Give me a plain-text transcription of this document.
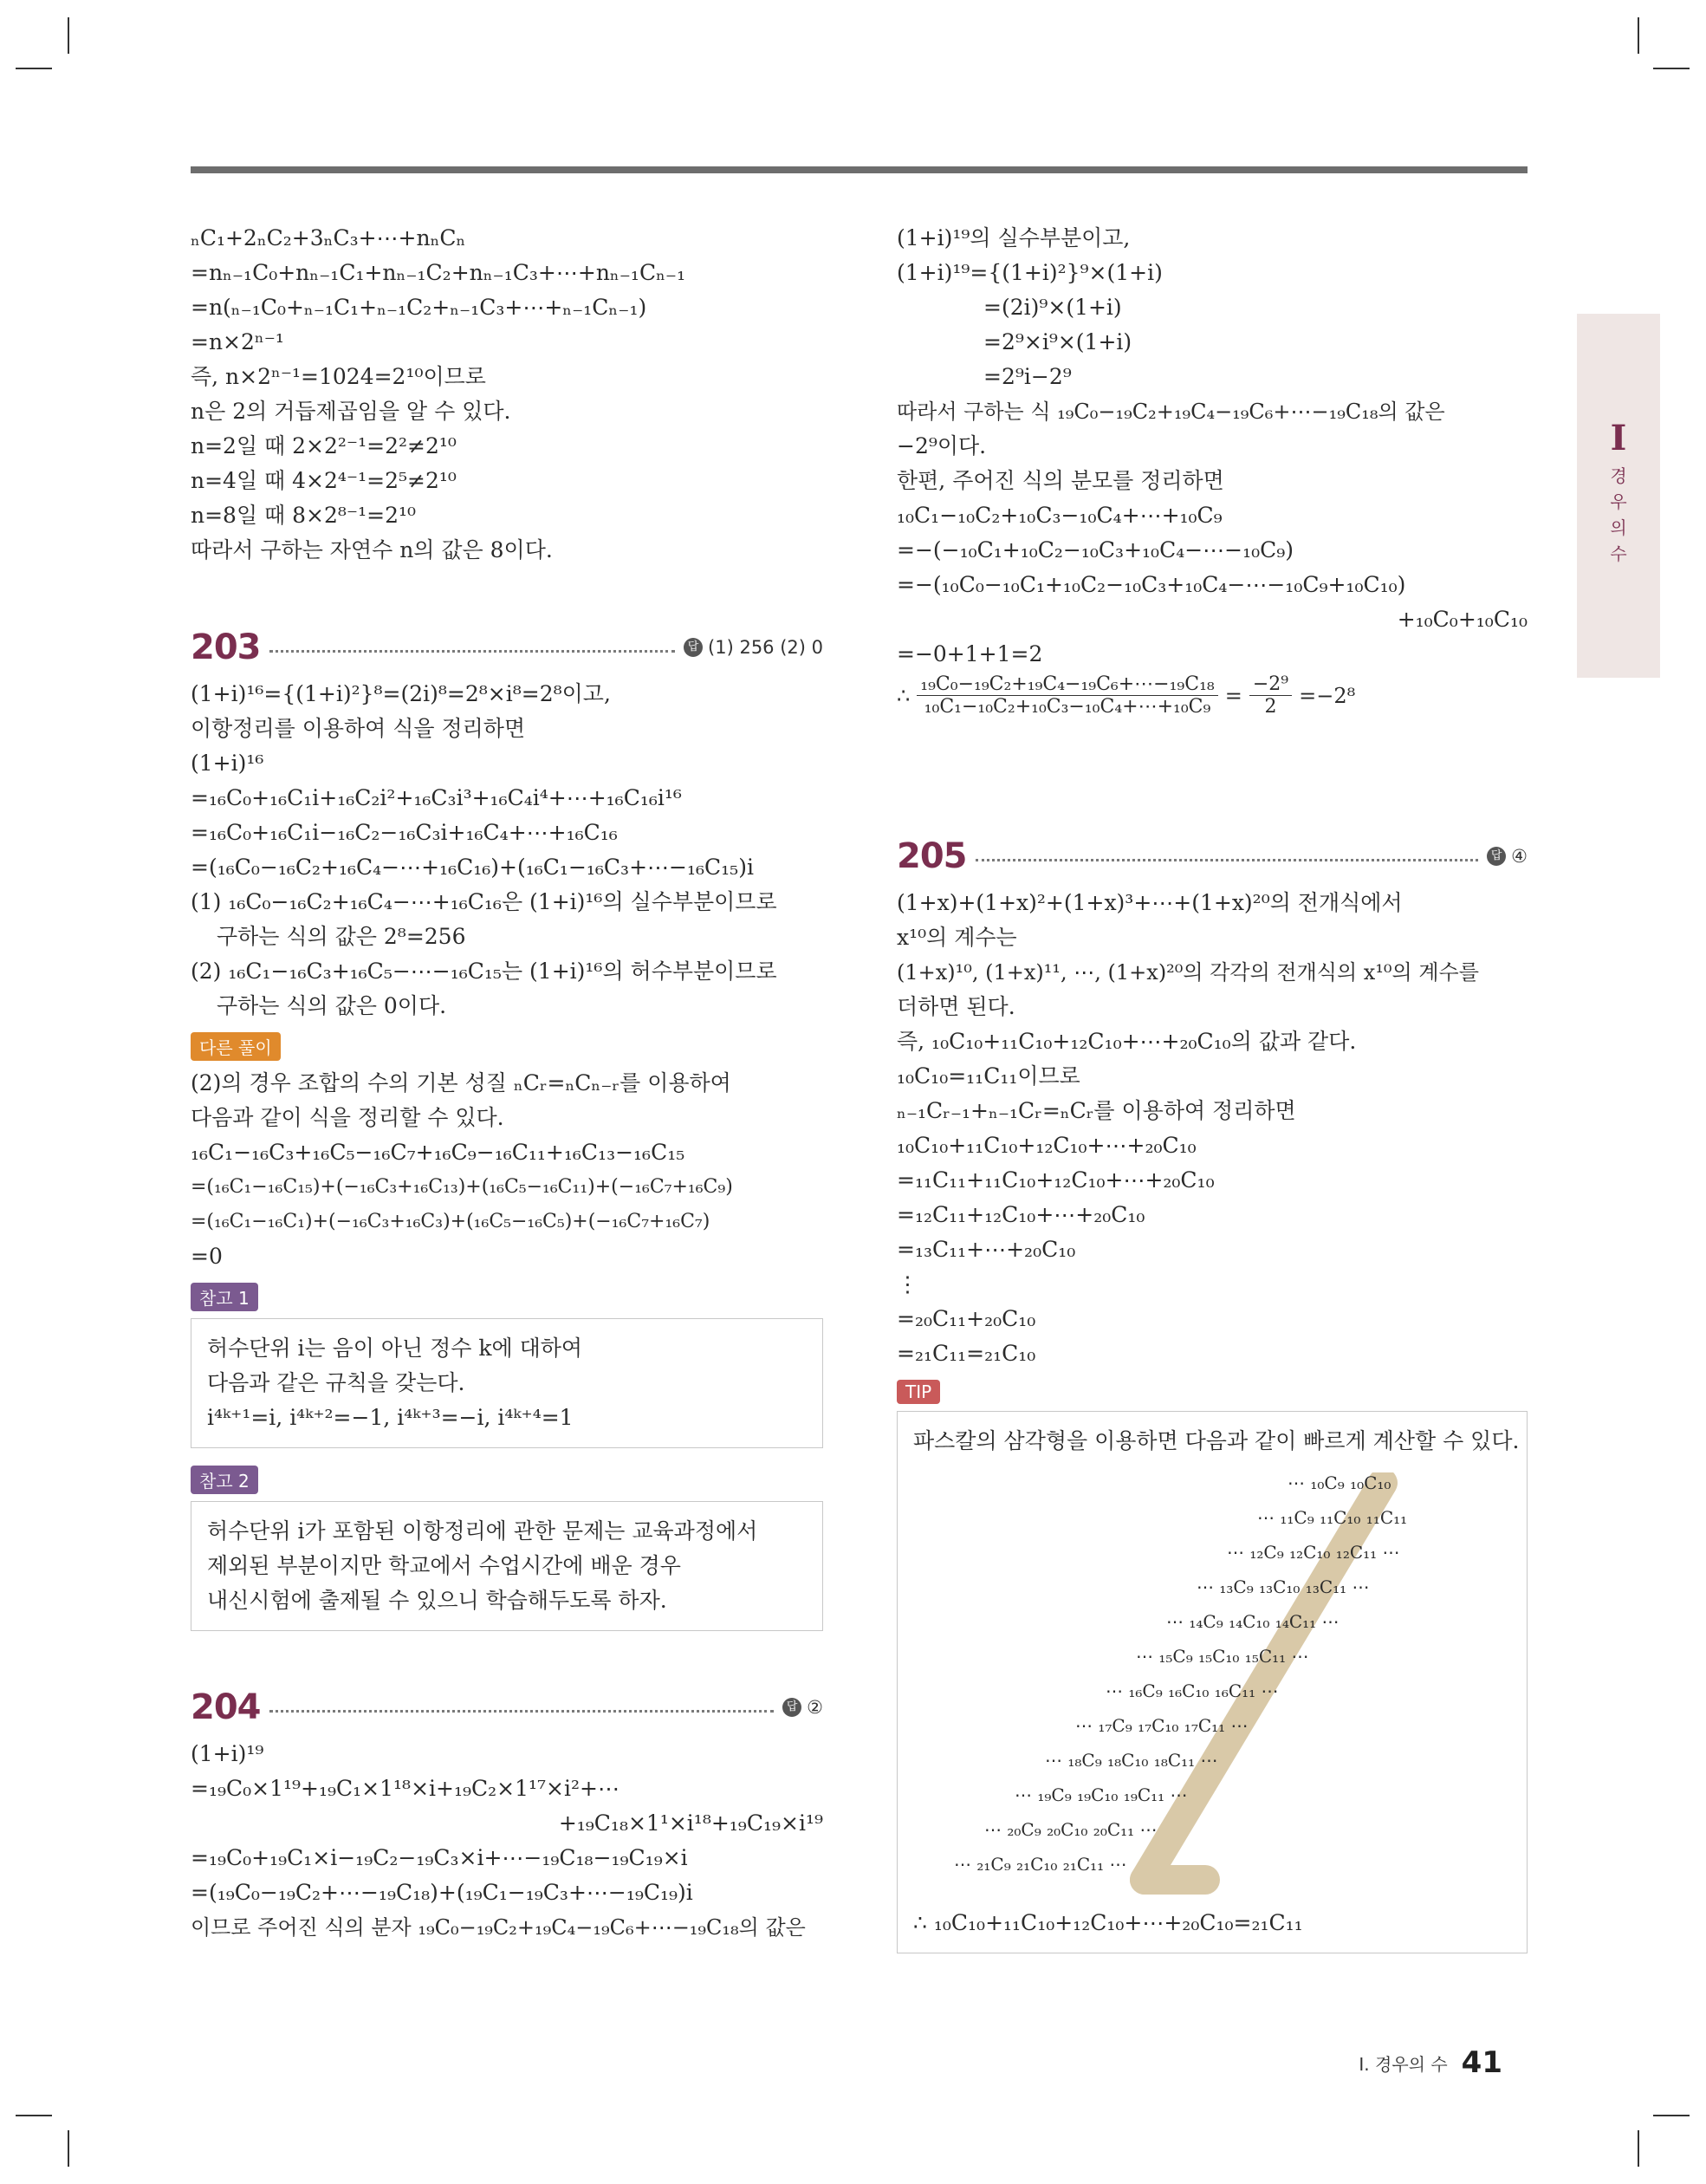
ₙC₁+2ₙC₂+3ₙC₃+⋯+nₙCₙ
=nₙ₋₁C₀+nₙ₋₁C₁+nₙ₋₁C₂+nₙ₋₁C₃+⋯+nₙ₋₁Cₙ₋₁
=n(ₙ₋₁C₀+ₙ₋₁C₁+ₙ₋₁C₂+ₙ₋₁C₃+⋯+ₙ₋₁Cₙ₋₁)
=n×2ⁿ⁻¹
즉, n×2ⁿ⁻¹=1024=2¹⁰이므로
n은 2의 거듭제곱임을 알 수 있다.
n=2일 때 2×2²⁻¹=2²≠2¹⁰
n=4일 때 4×2⁴⁻¹=2⁵≠2¹⁰
n=8일 때 8×2⁸⁻¹=2¹⁰
따라서 구하는 자연수 n의 값은 8이다.
203	답 (1) 256 (2) 0
(1+i)¹⁶={(1+i)²}⁸=(2i)⁸=2⁸×i⁸=2⁸이고,
이항정리를 이용하여 식을 정리하면
(1+i)¹⁶
=₁₆C₀+₁₆C₁i+₁₆C₂i²+₁₆C₃i³+₁₆C₄i⁴+⋯+₁₆C₁₆i¹⁶
=₁₆C₀+₁₆C₁i−₁₆C₂−₁₆C₃i+₁₆C₄+⋯+₁₆C₁₆
=(₁₆C₀−₁₆C₂+₁₆C₄−⋯+₁₆C₁₆)+(₁₆C₁−₁₆C₃+⋯−₁₆C₁₅)i
(1) ₁₆C₀−₁₆C₂+₁₆C₄−⋯+₁₆C₁₆은 (1+i)¹⁶의 실수부분이므로
구하는 식의 값은 2⁸=256
(2) ₁₆C₁−₁₆C₃+₁₆C₅−⋯−₁₆C₁₅는 (1+i)¹⁶의 허수부분이므로
구하는 식의 값은 0이다.
다른 풀이
(2)의 경우 조합의 수의 기본 성질 ₙCᵣ=ₙCₙ₋ᵣ를 이용하여
다음과 같이 식을 정리할 수 있다.
₁₆C₁−₁₆C₃+₁₆C₅−₁₆C₇+₁₆C₉−₁₆C₁₁+₁₆C₁₃−₁₆C₁₅
=(₁₆C₁−₁₆C₁₅)+(−₁₆C₃+₁₆C₁₃)+(₁₆C₅−₁₆C₁₁)+(−₁₆C₇+₁₆C₉)
=(₁₆C₁−₁₆C₁)+(−₁₆C₃+₁₆C₃)+(₁₆C₅−₁₆C₅)+(−₁₆C₇+₁₆C₇)
=0
참고 1
허수단위 i는 음이 아닌 정수 k에 대하여
다음과 같은 규칙을 갖는다.
i⁴ᵏ⁺¹=i, i⁴ᵏ⁺²=−1, i⁴ᵏ⁺³=−i, i⁴ᵏ⁺⁴=1
참고 2
허수단위 i가 포함된 이항정리에 관한 문제는 교육과정에서
제외된 부분이지만 학교에서 수업시간에 배운 경우
내신시험에 출제될 수 있으니 학습해두도록 하자.
204	답 ②
(1+i)¹⁹
=₁₉C₀×1¹⁹+₁₉C₁×1¹⁸×i+₁₉C₂×1¹⁷×i²+⋯
+₁₉C₁₈×1¹×i¹⁸+₁₉C₁₉×i¹⁹
=₁₉C₀+₁₉C₁×i−₁₉C₂−₁₉C₃×i+⋯−₁₉C₁₈−₁₉C₁₉×i
=(₁₉C₀−₁₉C₂+⋯−₁₉C₁₈)+(₁₉C₁−₁₉C₃+⋯−₁₉C₁₉)i
이므로 주어진 식의 분자 ₁₉C₀−₁₉C₂+₁₉C₄−₁₉C₆+⋯−₁₉C₁₈의 값은
(1+i)¹⁹의 실수부분이고,
(1+i)¹⁹={(1+i)²}⁹×(1+i)
=(2i)⁹×(1+i)
=2⁹×i⁹×(1+i)
=2⁹i−2⁹
따라서 구하는 식 ₁₉C₀−₁₉C₂+₁₉C₄−₁₉C₆+⋯−₁₉C₁₈의 값은
−2⁹이다.
한편, 주어진 식의 분모를 정리하면
₁₀C₁−₁₀C₂+₁₀C₃−₁₀C₄+⋯+₁₀C₉
=−(−₁₀C₁+₁₀C₂−₁₀C₃+₁₀C₄−⋯−₁₀C₉)
=−(₁₀C₀−₁₀C₁+₁₀C₂−₁₀C₃+₁₀C₄−⋯−₁₀C₉+₁₀C₁₀)
+₁₀C₀+₁₀C₁₀
=−0+1+1=2
∴ $\frac{\text{₁₉C₀−₁₉C₂+₁₉C₄−₁₉C₆+⋯−₁₉C₁₈}}{\text{₁₀C₁−₁₀C₂+₁₀C₃−₁₀C₄+⋯+₁₀C₉}} = \frac{\text{−2⁹}}{2} =-2^8$
205	답 ④
(1+x)+(1+x)²+(1+x)³+⋯+(1+x)²⁰의 전개식에서
x¹⁰의 계수는
(1+x)¹⁰, (1+x)¹¹, ⋯, (1+x)²⁰의 각각의 전개식의 x¹⁰의 계수를
더하면 된다.
즉, ₁₀C₁₀+₁₁C₁₀+₁₂C₁₀+⋯+₂₀C₁₀의 값과 같다.
₁₀C₁₀=₁₁C₁₁이므로
ₙ₋₁Cᵣ₋₁+ₙ₋₁Cᵣ=ₙCᵣ를 이용하여 정리하면
₁₀C₁₀+₁₁C₁₀+₁₂C₁₀+⋯+₂₀C₁₀
=₁₁C₁₁+₁₁C₁₀+₁₂C₁₀+⋯+₂₀C₁₀
=₁₂C₁₁+₁₂C₁₀+⋯+₂₀C₁₀
=₁₃C₁₁+⋯+₂₀C₁₀
⋮
=₂₀C₁₁+₂₀C₁₀
=₂₁C₁₁=₂₁C₁₀
TIP
파스칼의 삼각형을 이용하면 다음과 같이 빠르게 계산할 수 있다.
⋯ ₁₀C₉ ₁₀C₁₀
⋯ ₁₁C₉ ₁₁C₁₀ ₁₁C₁₁
⋯ ₁₂C₉ ₁₂C₁₀ ₁₂C₁₁ ⋯
⋯ ₁₃C₉ ₁₃C₁₀ ₁₃C₁₁ ⋯
⋯ ₁₄C₉ ₁₄C₁₀ ₁₄C₁₁ ⋯
⋯ ₁₅C₉ ₁₅C₁₀ ₁₅C₁₁ ⋯
⋯ ₁₆C₉ ₁₆C₁₀ ₁₆C₁₁ ⋯
⋯ ₁₇C₉ ₁₇C₁₀ ₁₇C₁₁ ⋯
⋯ ₁₈C₉ ₁₈C₁₀ ₁₈C₁₁ ⋯
⋯ ₁₉C₉ ₁₉C₁₀ ₁₉C₁₁ ⋯
⋯ ₂₀C₉ ₂₀C₁₀ ₂₀C₁₁ ⋯
⋯ ₂₁C₉ ₂₁C₁₀ ₂₁C₁₁ ⋯
∴ ₁₀C₁₀+₁₁C₁₀+₁₂C₁₀+⋯+₂₀C₁₀=₂₁C₁₁
I
경
우
의
수
Ⅰ. 경우의 수 41
